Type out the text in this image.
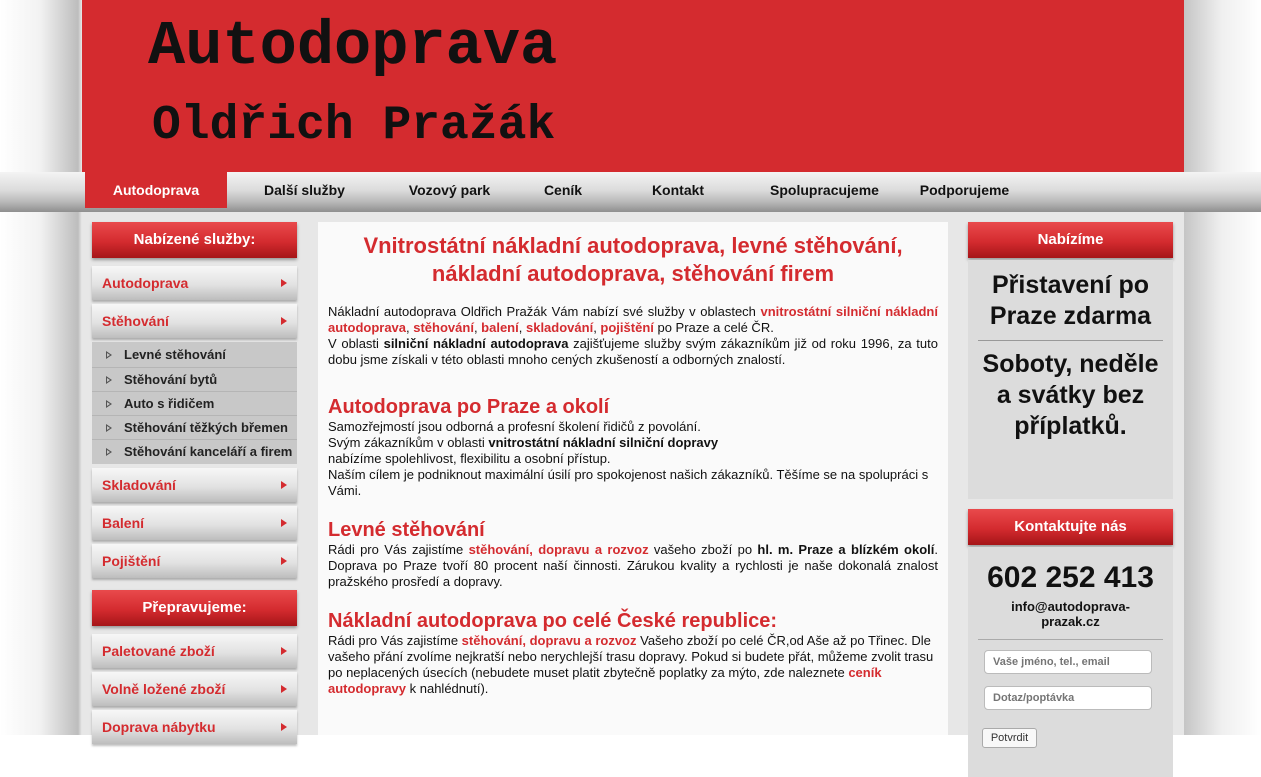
Autodoprava
Oldřich Pražák
Autodoprava	Další služby	Vozový park	Ceník	Kontakt	Spolupracujeme	Podporujeme
Nabízené služby:
Autodoprava
Stěhování
Levné stěhování
Stěhování bytů
Auto s řidičem
Stěhování těžkých břemen
Stěhování kanceláří a firem
Skladování
Balení
Pojištění
Přepravujeme:
Paletované zboží
Volně ložené zboží
Doprava nábytku
Vnitrostátní nákladní autodoprava, levné stěhování, nákladní autodoprava, stěhování firem

Nákladní autodoprava Oldřich Pražák Vám nabízí své služby v oblastech vnitrostátní silniční nákladní autodoprava, stěhování, balení, skladování, pojištění po Praze a celé ČR.
V oblasti silniční nákladní autodoprava zajišťujeme služby svým zákazníkům již od roku 1996, za tuto dobu jsme získali v této oblasti mnoho cených zkušeností a odborných znalostí.

Autodoprava po Praze a okolí

Samozřejmostí jsou odborná a profesní školení řidičů z povolání.

Svým zákazníkům v oblasti vnitrostátní nákladní silniční dopravy

nabízíme spolehlivost, flexibilitu a osobní přístup.

Naším cílem je podniknout maximální úsilí pro spokojenost našich zákazníků. Těšíme se na spolupráci s Vámi.

Levné stěhování

Rádi pro Vás zajistíme stěhování, dopravu a rozvoz vašeho zboží po hl. m. Praze a blízkém okolí. Doprava po Praze tvoří 80 procent naší činnosti. Zárukou kvality a rychlosti je naše dokonalá znalost pražského prosředí a dopravy.

Nákladní autodoprava po celé České republice:

Rádi pro Vás zajistíme stěhování, dopravu a rozvoz Vašeho zboží po celé ČR,od Aše až po Třinec. Dle vašeho přání zvolíme nejkratší nebo nerychlejší trasu dopravy. Pokud si budete přát, můžeme zvolit trasu po neplacených úsecích (nebudete muset platit zbytečně poplatky za mýto, zde naleznete ceník autodopravy k nahlédnutí).

Nabízíme
Přistavení po Praze zdarma
Soboty, neděle a svátky bez příplatků.
Kontaktujte nás
602 252 413
info@autodoprava-prazak.cz
Vaše jméno, tel., email
Dotaz/poptávka
Potvrdit
